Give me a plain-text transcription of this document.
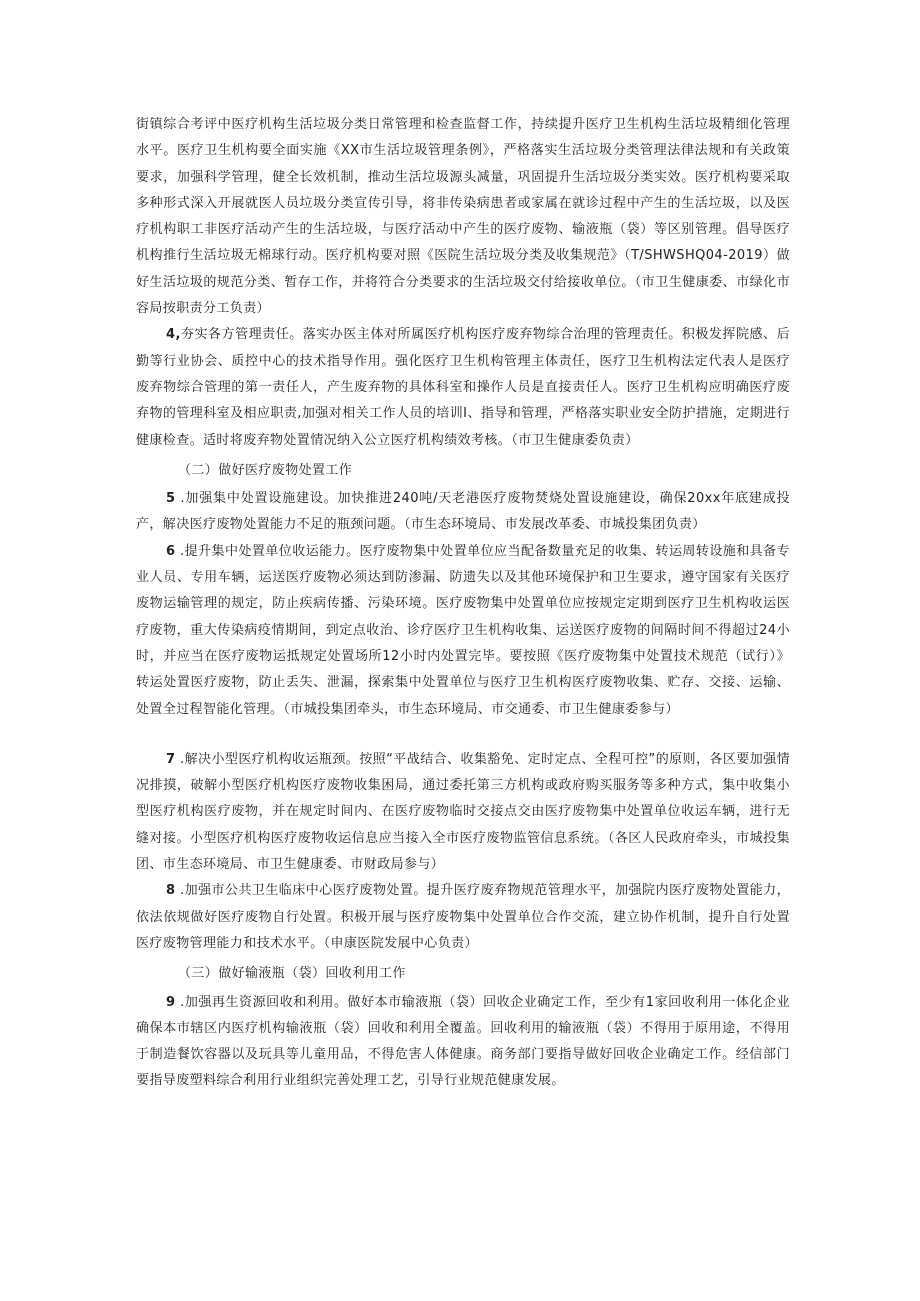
街镇综合考评中医疗机构生活垃圾分类日常管理和检查监督工作，持续提升医疗卫生机构生活垃圾精细化管理水平。医疗卫生机构要全面实施《XX市生活垃圾管理条例》，严格落实生活垃圾分类管理法律法规和有关政策要求，加强科学管理，健全长效机制，推动生活垃圾源头减量，巩固提升生活垃圾分类实效。医疗机构要采取多种形式深入开展就医人员垃圾分类宣传引导，将非传染病患者或家属在就诊过程中产生的生活垃圾，以及医疗机构职工非医疗活动产生的生活垃圾，与医疗活动中产生的医疗废物、输液瓶（袋）等区别管理。倡导医疗机构推行生活垃圾无棉球行动。医疗机构要对照《医院生活垃圾分类及收集规范》（T/SHWSHQ04-2019）做好生活垃圾的规范分类、暂存工作，并将符合分类要求的生活垃圾交付给接收单位。（市卫生健康委、市绿化市容局按职责分工负责）

4,夯实各方管理责任。落实办医主体对所属医疗机构医疗废弃物综合治理的管理责任。积极发挥院感、后勤等行业协会、质控中心的技术指导作用。强化医疗卫生机构管理主体责任，医疗卫生机构法定代表人是医疗废弃物综合管理的第一责任人，产生废弃物的具体科室和操作人员是直接责任人。医疗卫生机构应明确医疗废弃物的管理科室及相应职责,加强对相关工作人员的培训I、指导和管理，严格落实职业安全防护措施，定期进行健康检查。适时将废弃物处置情况纳入公立医疗机构绩效考核。（市卫生健康委负责）

（二）做好医疗废物处置工作

5 .加强集中处置设施建设。加快推进240吨/天老港医疗废物焚烧处置设施建设，确保20xx年底建成投产，解决医疗废物处置能力不足的瓶颈问题。（市生态环境局、市发展改革委、市城投集团负责）

6 .提升集中处置单位收运能力。医疗废物集中处置单位应当配备数量充足的收集、转运周转设施和具备专业人员、专用车辆，运送医疗废物必须达到防渗漏、防遗失以及其他环境保护和卫生要求，遵守国家有关医疗废物运输管理的规定，防止疾病传播、污染环境。医疗废物集中处置单位应按规定定期到医疗卫生机构收运医疗废物，重大传染病疫情期间，到定点收治、诊疗医疗卫生机构收集、运送医疗废物的间隔时间不得超过24小时，并应当在医疗废物运抵规定处置场所12小时内处置完毕。要按照《医疗废物集中处置技术规范（试行）》转运处置医疗废物，防止丢失、泄漏，探索集中处置单位与医疗卫生机构医疗废物收集、贮存、交接、运输、处置全过程智能化管理。（市城投集团牵头，市生态环境局、市交通委、市卫生健康委参与）

7 .解决小型医疗机构收运瓶颈。按照“平战结合、收集豁免、定时定点、全程可控”的原则，各区要加强情况排摸，破解小型医疗机构医疗废物收集困局，通过委托第三方机构或政府购买服务等多种方式，集中收集小型医疗机构医疗废物，并在规定时间内、在医疗废物临时交接点交由医疗废物集中处置单位收运车辆，进行无缝对接。小型医疗机构医疗废物收运信息应当接入全市医疗废物监管信息系统。（各区人民政府牵头，市城投集团、市生态环境局、市卫生健康委、市财政局参与）

8 .加强市公共卫生临床中心医疗废物处置。提升医疗废弃物规范管理水平，加强院内医疗废物处置能力，依法依规做好医疗废物自行处置。积极开展与医疗废物集中处置单位合作交流，建立协作机制，提升自行处置医疗废物管理能力和技术水平。（申康医院发展中心负责）

（三）做好输液瓶（袋）回收利用工作

9 .加强再生资源回收和利用。做好本市输液瓶（袋）回收企业确定工作，至少有1家回收利用一体化企业确保本市辖区内医疗机构输液瓶（袋）回收和利用全覆盖。回收利用的输液瓶（袋）不得用于原用途，不得用于制造餐饮容器以及玩具等儿童用品，不得危害人体健康。商务部门要指导做好回收企业确定工作。经信部门要指导废塑料综合利用行业组织完善处理工艺，引导行业规范健康发展。
